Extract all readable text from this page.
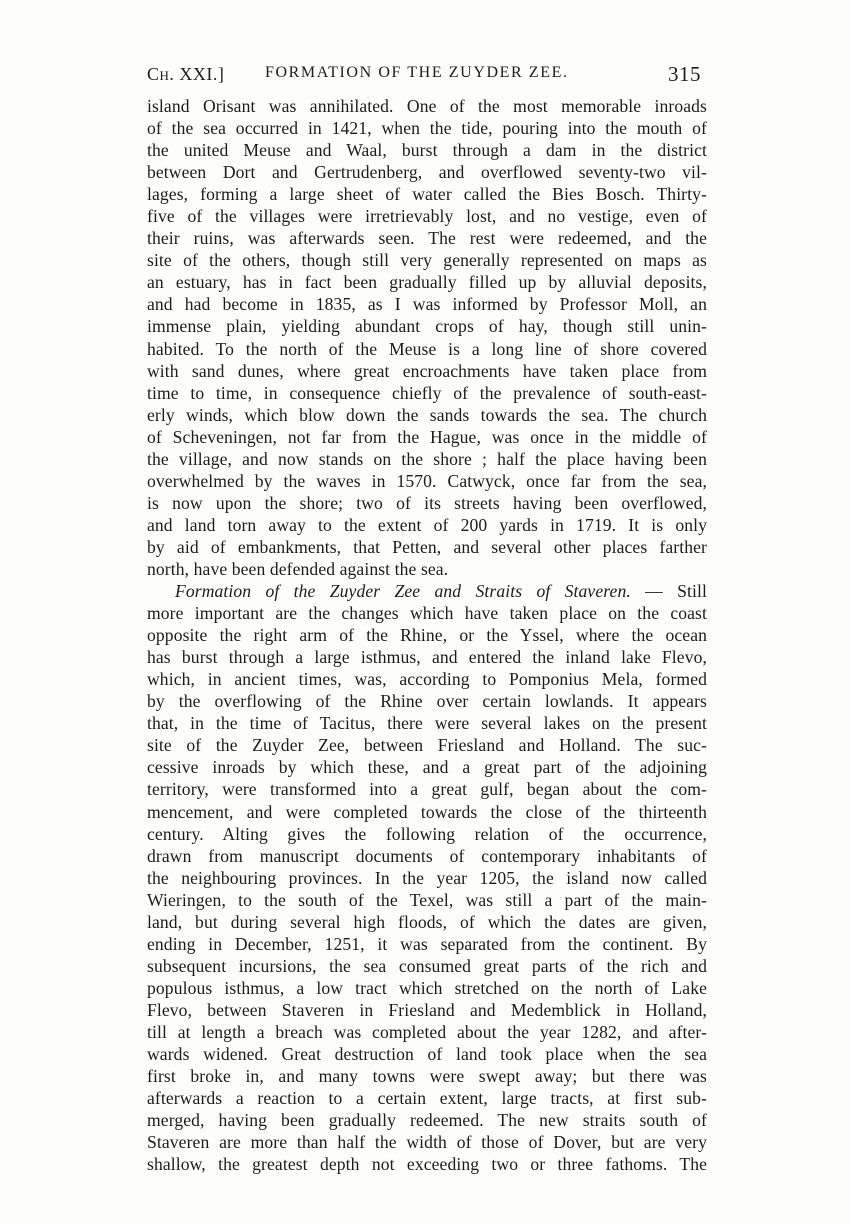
Ch. XXI.]	FORMATION OF THE ZUYDER ZEE.	315
island Orisant was annihilated. One of the most memorable inroads
of the sea occurred in 1421, when the tide, pouring into the mouth of
the united Meuse and Waal, burst through a dam in the district
between Dort and Gertrudenberg, and overflowed seventy-two vil-
lages, forming a large sheet of water called the Bies Bosch. Thirty-
five of the villages were irretrievably lost, and no vestige, even of
their ruins, was afterwards seen. The rest were redeemed, and the
site of the others, though still very generally represented on maps as
an estuary, has in fact been gradually filled up by alluvial deposits,
and had become in 1835, as I was informed by Professor Moll, an
immense plain, yielding abundant crops of hay, though still unin-
habited. To the north of the Meuse is a long line of shore covered
with sand dunes, where great encroachments have taken place from
time to time, in consequence chiefly of the prevalence of south-east-
erly winds, which blow down the sands towards the sea. The church
of Scheveningen, not far from the Hague, was once in the middle of
the village, and now stands on the shore ; half the place having been
overwhelmed by the waves in 1570. Catwyck, once far from the sea,
is now upon the shore; two of its streets having been overflowed,
and land torn away to the extent of 200 yards in 1719. It is only
by aid of embankments, that Petten, and several other places farther
north, have been defended against the sea.
Formation of the Zuyder Zee and Straits of Staveren. — Still
more important are the changes which have taken place on the coast
opposite the right arm of the Rhine, or the Yssel, where the ocean
has burst through a large isthmus, and entered the inland lake Flevo,
which, in ancient times, was, according to Pomponius Mela, formed
by the overflowing of the Rhine over certain lowlands. It appears
that, in the time of Tacitus, there were several lakes on the present
site of the Zuyder Zee, between Friesland and Holland. The suc-
cessive inroads by which these, and a great part of the adjoining
territory, were transformed into a great gulf, began about the com-
mencement, and were completed towards the close of the thirteenth
century. Alting gives the following relation of the occurrence,
drawn from manuscript documents of contemporary inhabitants of
the neighbouring provinces. In the year 1205, the island now called
Wieringen, to the south of the Texel, was still a part of the main-
land, but during several high floods, of which the dates are given,
ending in December, 1251, it was separated from the continent. By
subsequent incursions, the sea consumed great parts of the rich and
populous isthmus, a low tract which stretched on the north of Lake
Flevo, between Staveren in Friesland and Medemblick in Holland,
till at length a breach was completed about the year 1282, and after-
wards widened. Great destruction of land took place when the sea
first broke in, and many towns were swept away; but there was
afterwards a reaction to a certain extent, large tracts, at first sub-
merged, having been gradually redeemed. The new straits south of
Staveren are more than half the width of those of Dover, but are very
shallow, the greatest depth not exceeding two or three fathoms. The
